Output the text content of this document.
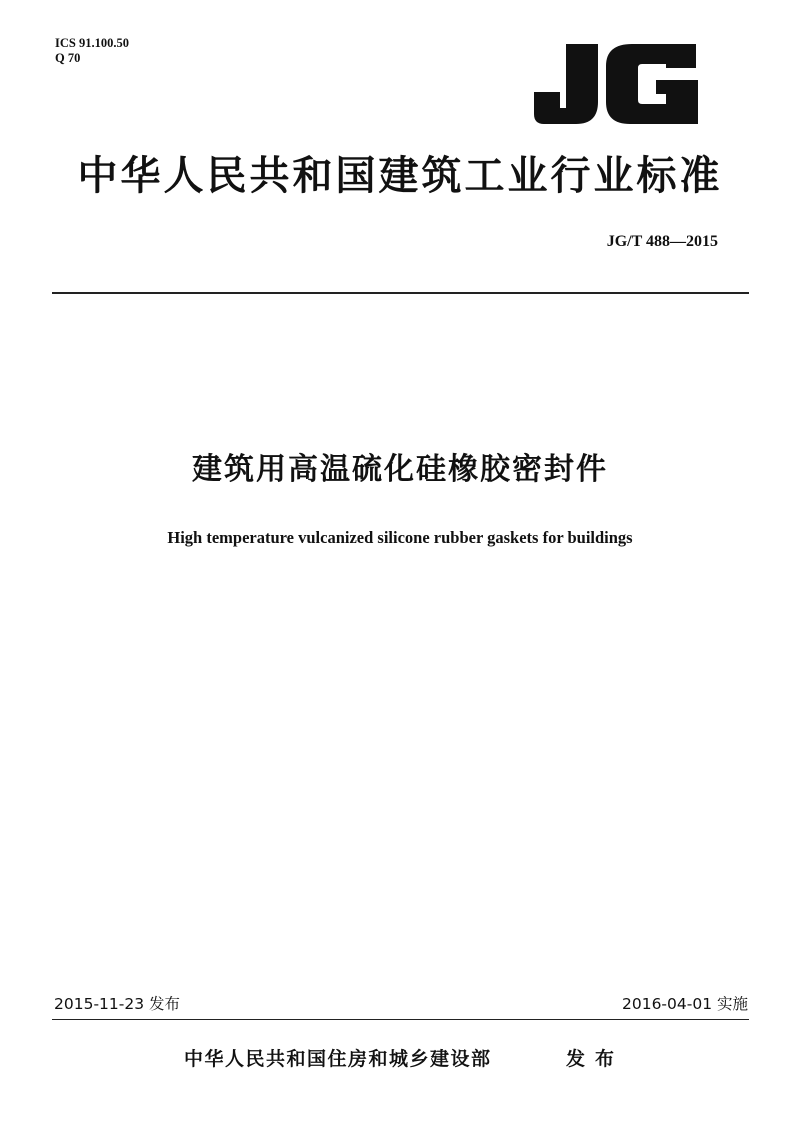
ICS 91.100.50
Q 70
中华人民共和国建筑工业行业标准
JG/T 488—2015
建筑用高温硫化硅橡胶密封件
High temperature vulcanized silicone rubber gaskets for buildings
2015-11-23 发布	2016-04-01 实施
中华人民共和国住房和城乡建设部	发布
